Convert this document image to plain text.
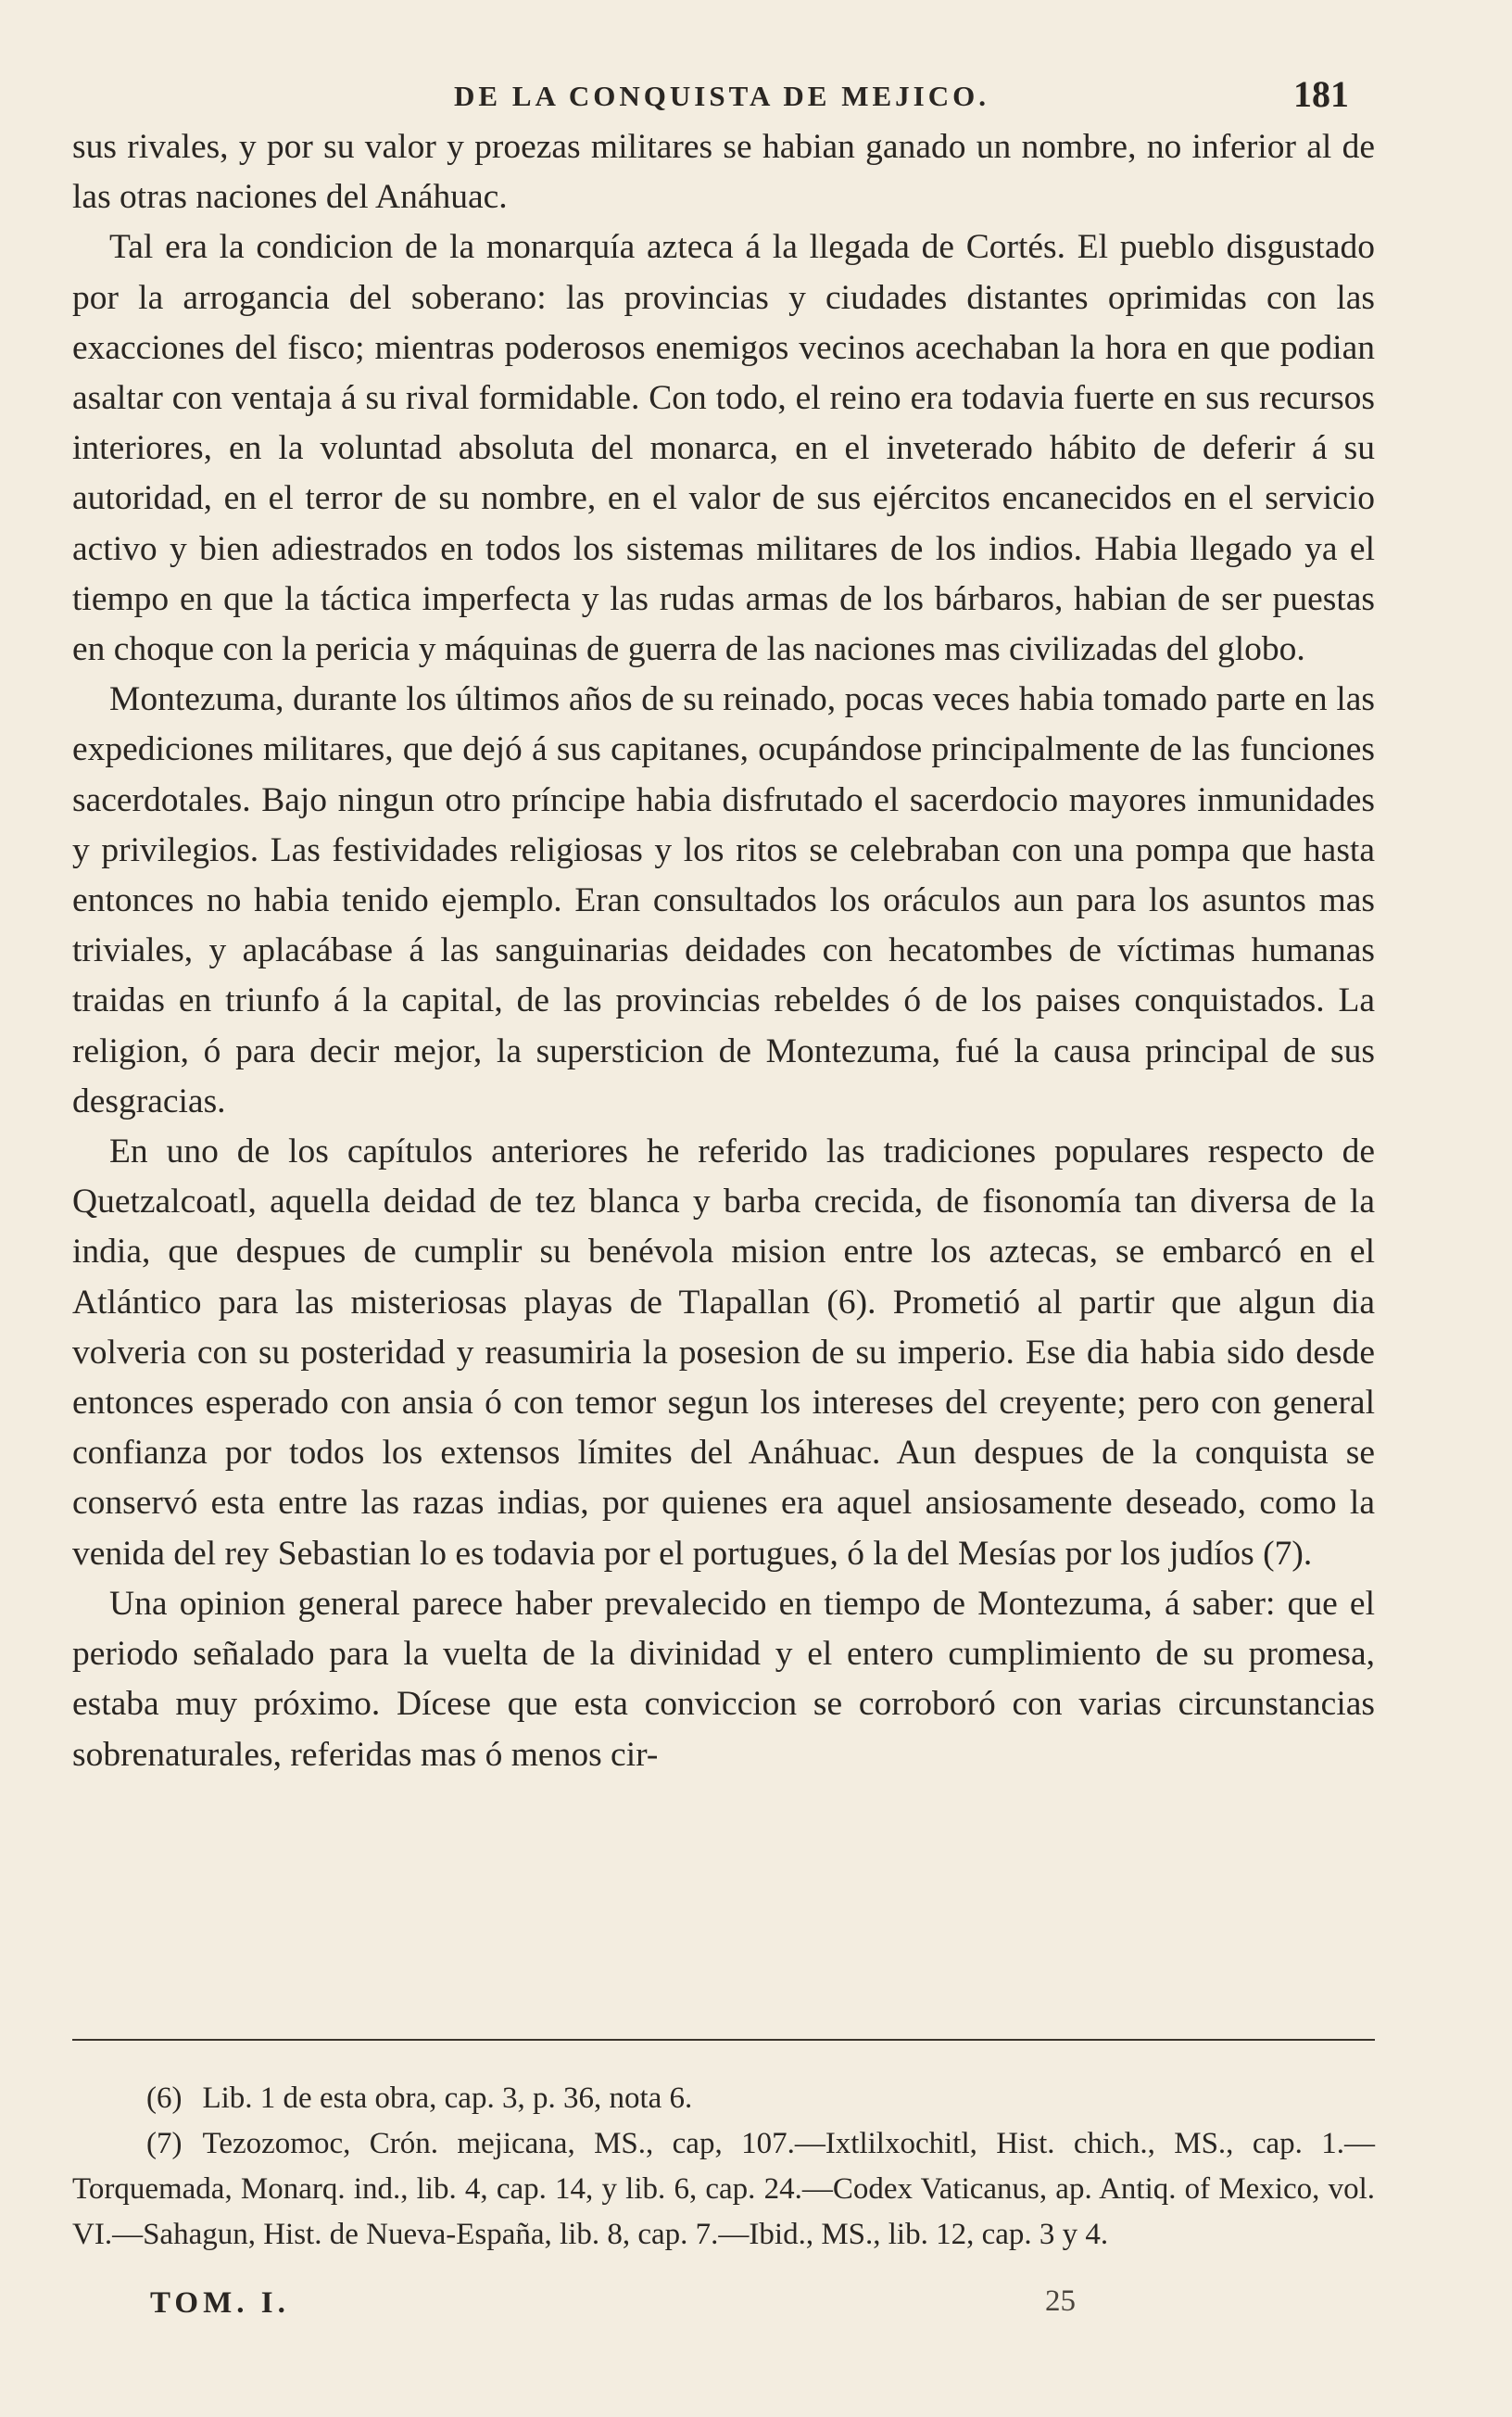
DE LA CONQUISTA DE MEJICO.	181

sus rivales, y por su valor y proezas militares se habian ganado un nombre, no inferior al de las otras naciones del Anáhuac.

Tal era la condicion de la monarquía azteca á la llegada de Cortés. El pueblo disgustado por la arrogancia del soberano: las provincias y ciudades distantes oprimidas con las exacciones del fisco; mientras poderosos enemigos vecinos acechaban la hora en que podian asaltar con ventaja á su rival formidable. Con todo, el reino era todavia fuerte en sus recursos interiores, en la voluntad absoluta del monarca, en el inveterado hábito de deferir á su autoridad, en el terror de su nombre, en el valor de sus ejércitos encanecidos en el servicio activo y bien adiestrados en todos los sistemas militares de los indios. Habia llegado ya el tiempo en que la táctica imperfecta y las rudas armas de los bárbaros, habian de ser puestas en choque con la pericia y máquinas de guerra de las naciones mas civilizadas del globo.

Montezuma, durante los últimos años de su reinado, pocas veces habia tomado parte en las expediciones militares, que dejó á sus capitanes, ocupándose principalmente de las funciones sacerdotales. Bajo ningun otro príncipe habia disfrutado el sacerdocio mayores inmunidades y privilegios. Las festividades religiosas y los ritos se celebraban con una pompa que hasta entonces no habia tenido ejemplo. Eran consultados los oráculos aun para los asuntos mas triviales, y aplacábase á las sanguinarias deidades con hecatombes de víctimas humanas traidas en triunfo á la capital, de las provincias rebeldes ó de los paises conquistados. La religion, ó para decir mejor, la supersticion de Montezuma, fué la causa principal de sus desgracias.

En uno de los capítulos anteriores he referido las tradiciones populares respecto de Quetzalcoatl, aquella deidad de tez blanca y barba crecida, de fisonomía tan diversa de la india, que despues de cumplir su benévola mision entre los aztecas, se embarcó en el Atlántico para las misteriosas playas de Tlapallan (6). Prometió al partir que algun dia volveria con su posteridad y reasumiria la posesion de su imperio. Ese dia habia sido desde entonces esperado con ansia ó con temor segun los intereses del creyente; pero con general confianza por todos los extensos límites del Anáhuac. Aun despues de la conquista se conservó esta entre las razas indias, por quienes era aquel ansiosamente deseado, como la venida del rey Sebastian lo es todavia por el portugues, ó la del Mesías por los judíos (7).

Una opinion general parece haber prevalecido en tiempo de Montezuma, á saber: que el periodo señalado para la vuelta de la divinidad y el entero cumplimiento de su promesa, estaba muy próximo. Dícese que esta conviccion se corroboró con varias circunstancias sobrenaturales, referidas mas ó menos cir-

(6) Lib. 1 de esta obra, cap. 3, p. 36, nota 6.

(7) Tezozomoc, Crón. mejicana, MS., cap, 107.—Ixtlilxochitl, Hist. chich., MS., cap. 1.—Torquemada, Monarq. ind., lib. 4, cap. 14, y lib. 6, cap. 24.—Codex Vaticanus, ap. Antiq. of Mexico, vol. VI.—Sahagun, Hist. de Nueva-España, lib. 8, cap. 7.—Ibid., MS., lib. 12, cap. 3 y 4.

TOM. I.	25
